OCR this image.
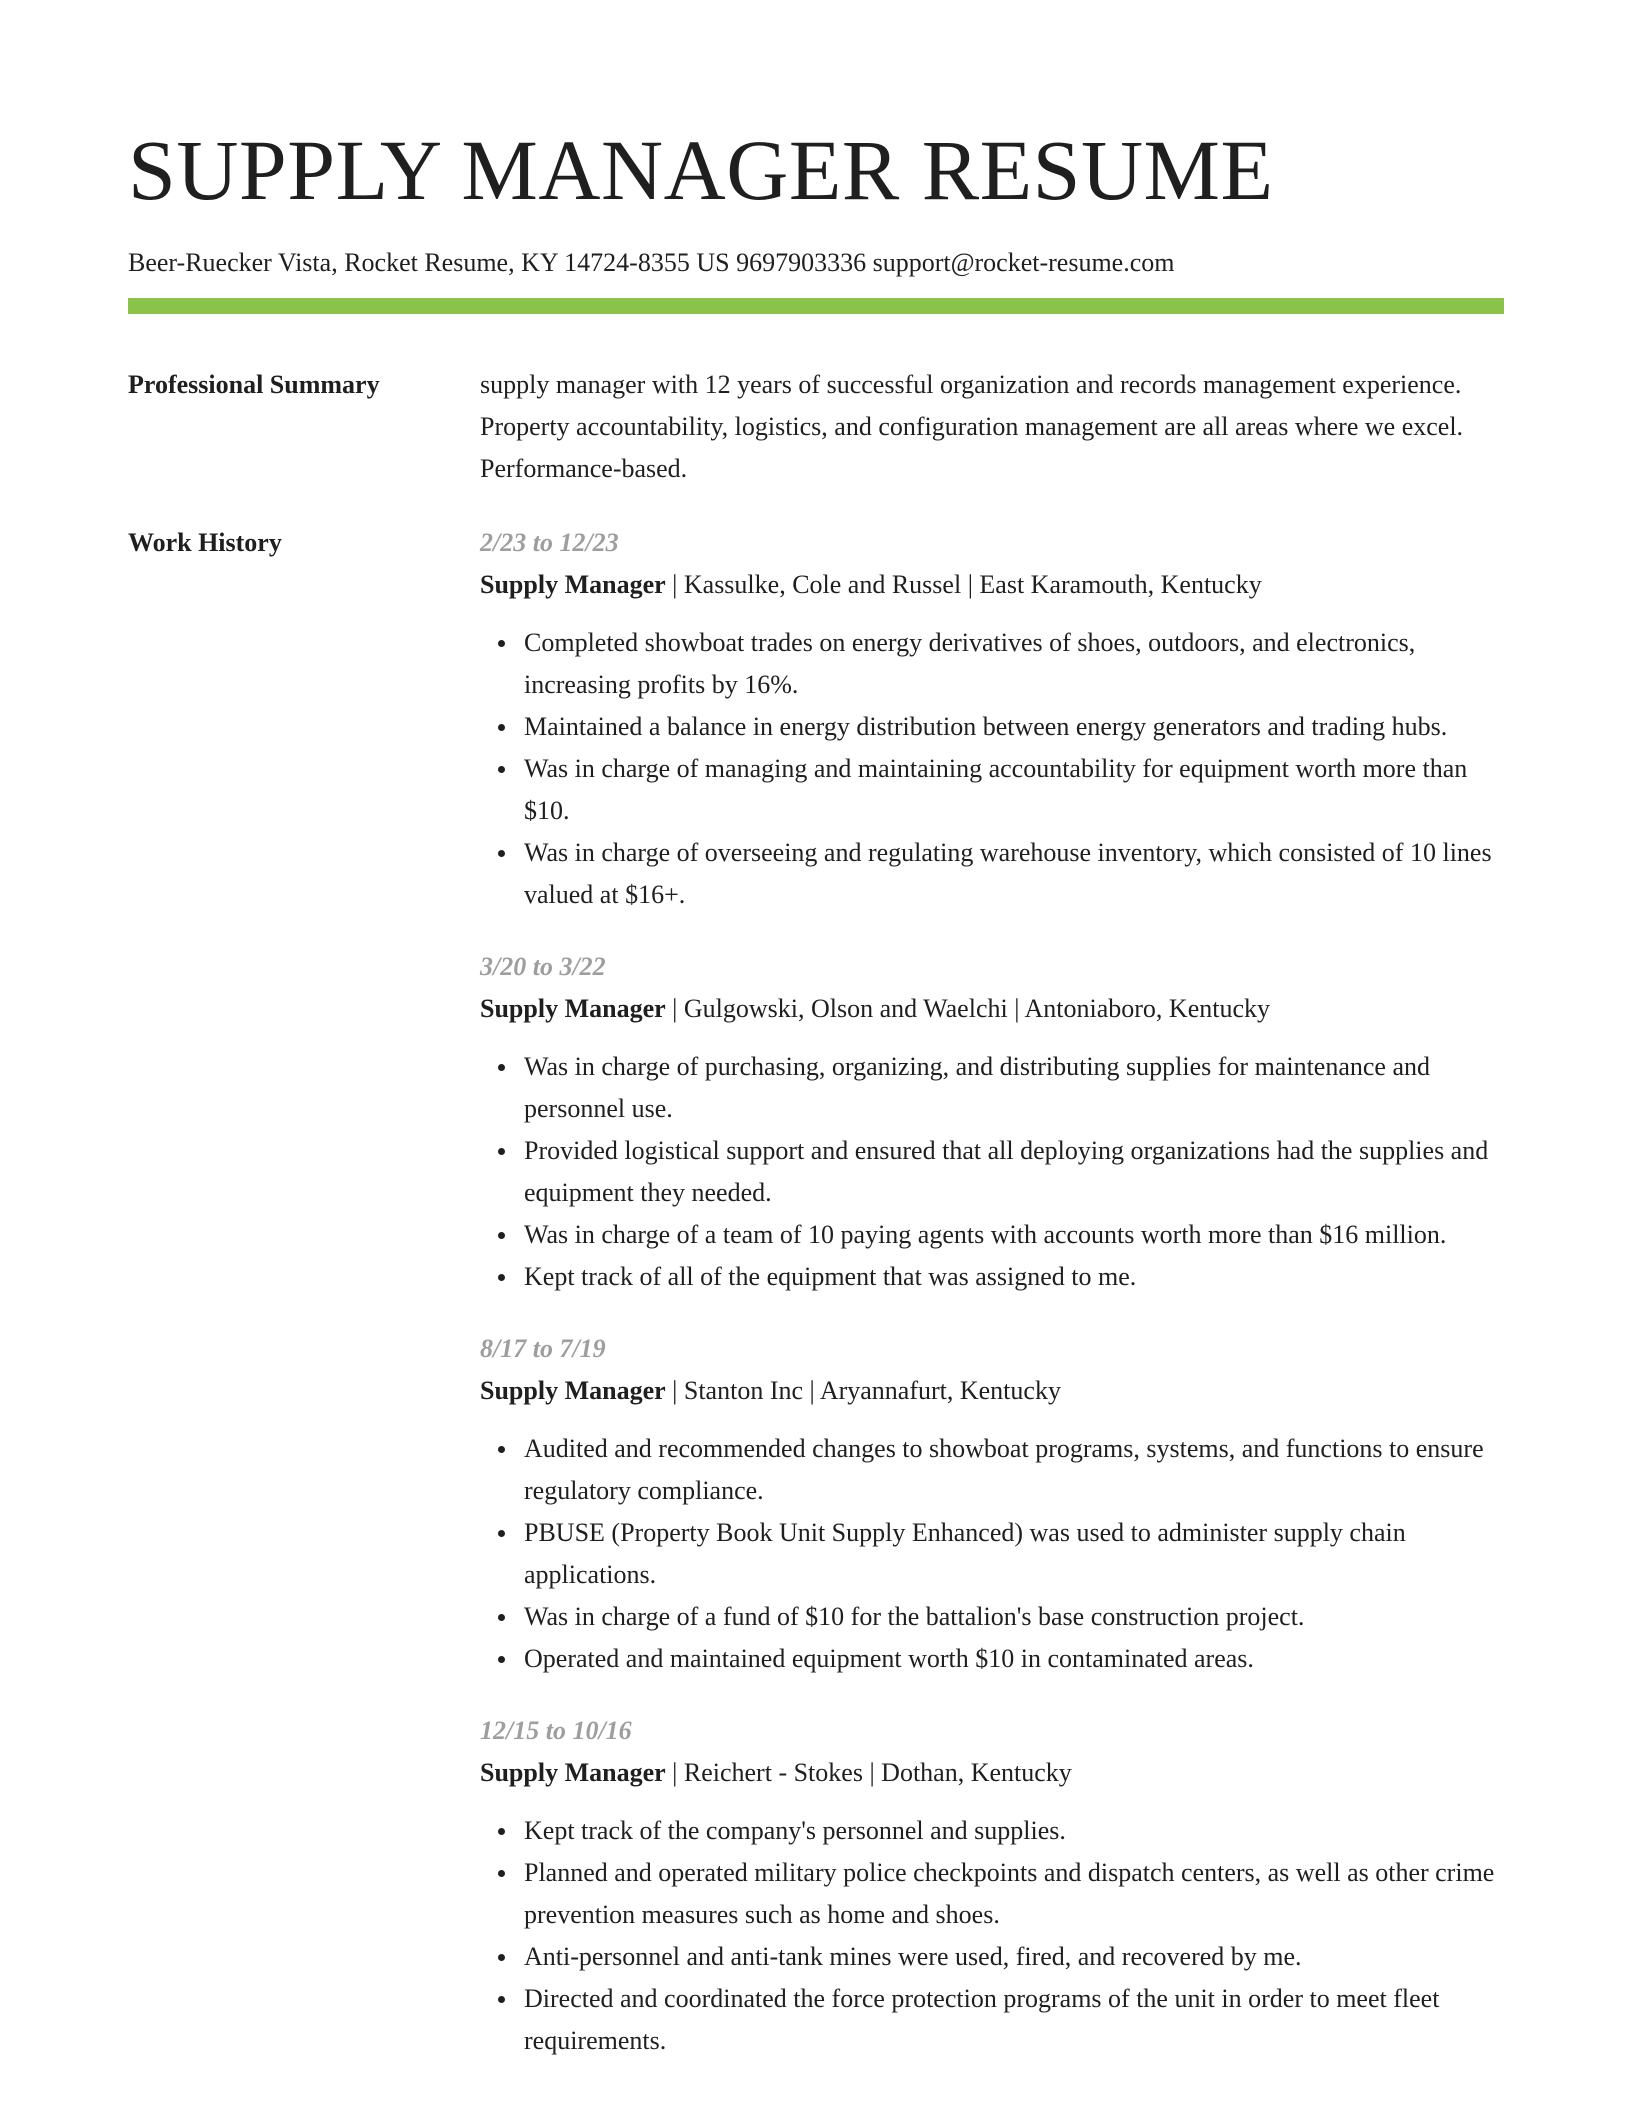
SUPPLY MANAGER RESUME
Beer-Ruecker Vista, Rocket Resume, KY 14724-8355 US 9697903336 support@rocket-resume.com
Professional Summary	supply manager with 12 years of successful organization and records management experience. Property accountability, logistics, and configuration management are all areas where we excel. Performance-based.

Work History	2/23 to 12/23
Supply Manager | Kassulke, Cole and Russel | East Karamouth, Kentucky
Completed showboat trades on energy derivatives of shoes, outdoors, and electronics, increasing profits by 16%.
Maintained a balance in energy distribution between energy generators and trading hubs.
Was in charge of managing and maintaining accountability for equipment worth more than $10.
Was in charge of overseeing and regulating warehouse inventory, which consisted of 10 lines valued at $16+.
3/20 to 3/22
Supply Manager | Gulgowski, Olson and Waelchi | Antoniaboro, Kentucky
Was in charge of purchasing, organizing, and distributing supplies for maintenance and personnel use.
Provided logistical support and ensured that all deploying organizations had the supplies and equipment they needed.
Was in charge of a team of 10 paying agents with accounts worth more than $16 million.
Kept track of all of the equipment that was assigned to me.
8/17 to 7/19
Supply Manager | Stanton Inc | Aryannafurt, Kentucky
Audited and recommended changes to showboat programs, systems, and functions to ensure regulatory compliance.
PBUSE (Property Book Unit Supply Enhanced) was used to administer supply chain applications.
Was in charge of a fund of $10 for the battalion's base construction project.
Operated and maintained equipment worth $10 in contaminated areas.
12/15 to 10/16
Supply Manager | Reichert - Stokes | Dothan, Kentucky
Kept track of the company's personnel and supplies.
Planned and operated military police checkpoints and dispatch centers, as well as other crime prevention measures such as home and shoes.
Anti-personnel and anti-tank mines were used, fired, and recovered by me.
Directed and coordinated the force protection programs of the unit in order to meet fleet requirements.
